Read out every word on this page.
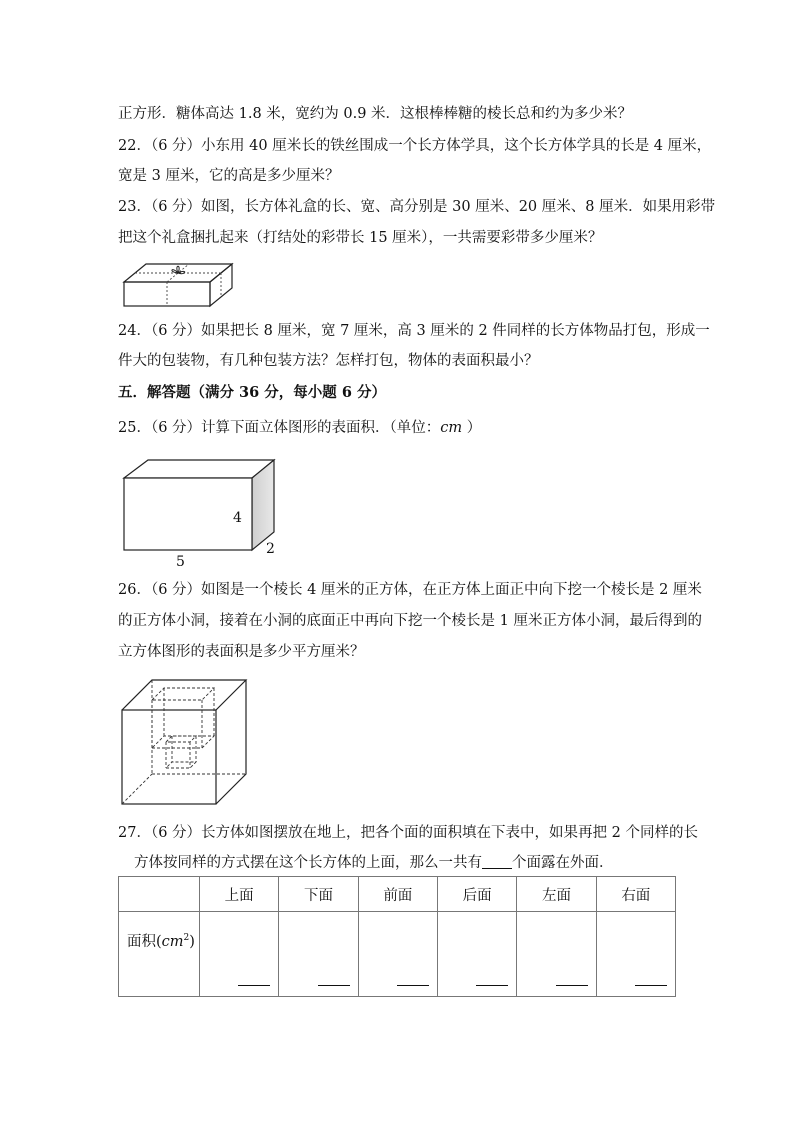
正方形．糖体高达 1.8 米，宽约为 0.9 米．这根棒棒糖的棱长总和约为多少米？
22．（6 分）小东用 40 厘米长的铁丝围成一个长方体学具，这个长方体学具的长是 4 厘米，
宽是 3 厘米，它的高是多少厘米？
23．（6 分）如图，长方体礼盒的长、宽、高分别是 30 厘米、20 厘米、8 厘米．如果用彩带
把这个礼盒捆扎起来（打结处的彩带长 15 厘米），一共需要彩带多少厘米？
24．（6 分）如果把长 8 厘米，宽 7 厘米，高 3 厘米的 2 件同样的长方体物品打包，形成一
件大的包装物，有几种包装方法？怎样打包，物体的表面积最小？
五．解答题（满分 36 分，每小题 6 分）
25．（6 分）计算下面立体图形的表面积．（单位：cm ）
4
2
5
26．（6 分）如图是一个棱长 4 厘米的正方体，在正方体上面正中向下挖一个棱长是 2 厘米
的正方体小洞，接着在小洞的底面正中再向下挖一个棱长是 1 厘米正方体小洞，最后得到的
立方体图形的表面积是多少平方厘米？
27．（6 分）长方体如图摆放在地上，把各个面的面积填在下表中，如果再把 2 个同样的长
方体按同样的方式摆在这个长方体的上面，那么一共有 个面露在外面．
	上面	下面	前面	后面	左面	右面
面积$(cm^2)$	
